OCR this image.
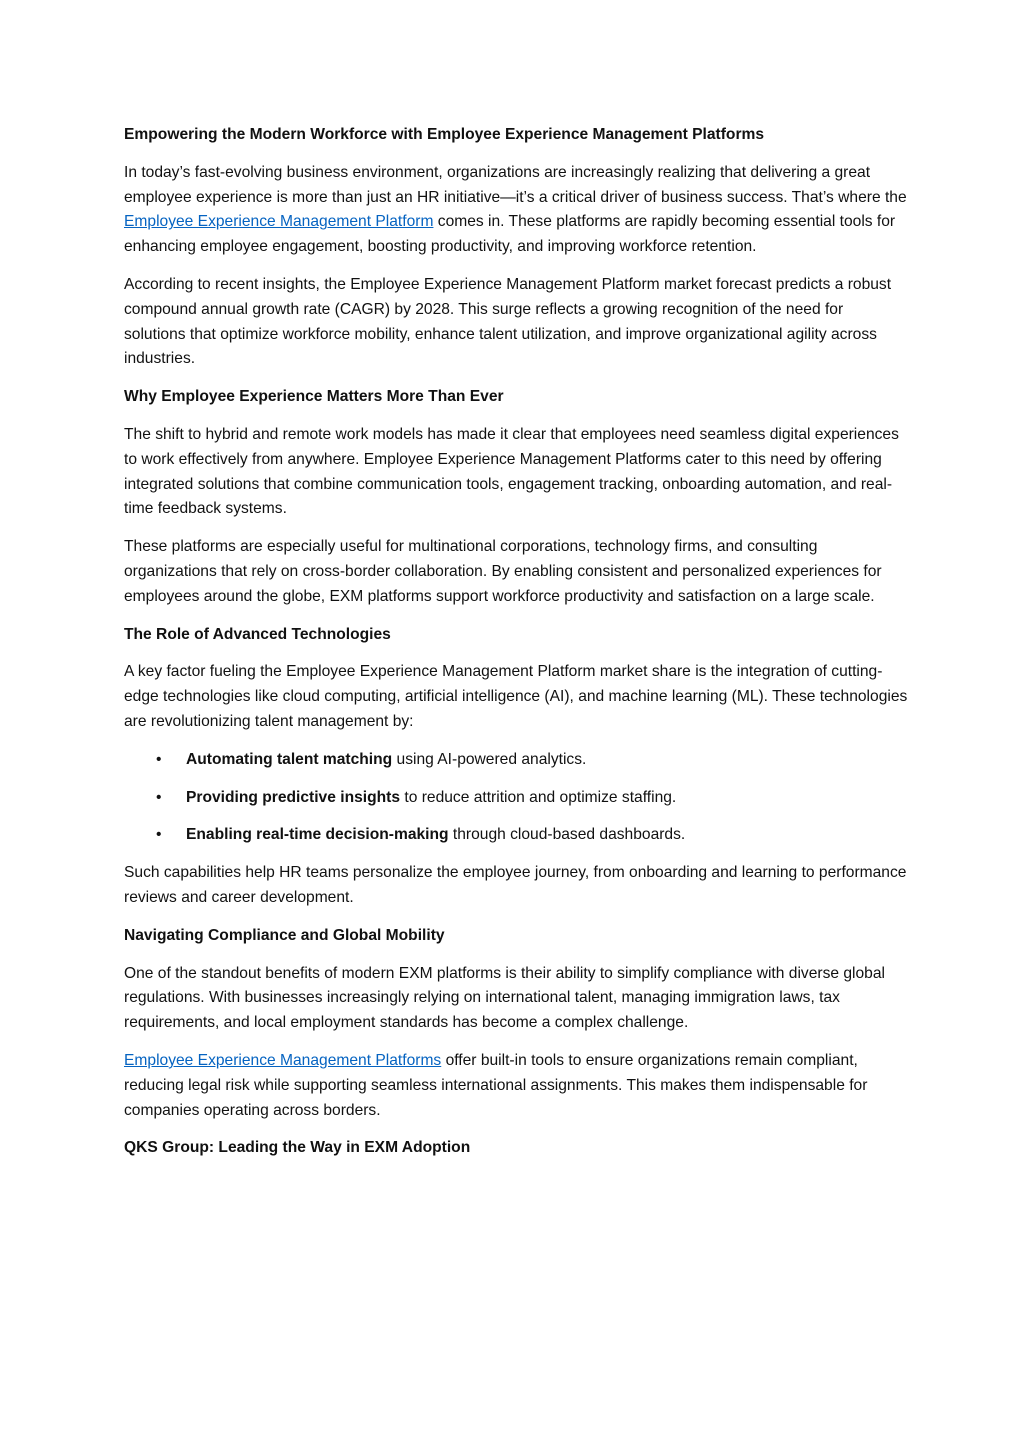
Empowering the Modern Workforce with Employee Experience Management Platforms

In today’s fast-evolving business environment, organizations are increasingly realizing that delivering a great employee experience is more than just an HR initiative—it’s a critical driver of business success. That’s where the Employee Experience Management Platform comes in. These platforms are rapidly becoming essential tools for enhancing employee engagement, boosting productivity, and improving workforce retention.

According to recent insights, the Employee Experience Management Platform market forecast predicts a robust compound annual growth rate (CAGR) by 2028. This surge reflects a growing recognition of the need for solutions that optimize workforce mobility, enhance talent utilization, and improve organizational agility across industries.

Why Employee Experience Matters More Than Ever

The shift to hybrid and remote work models has made it clear that employees need seamless digital experiences to work effectively from anywhere. Employee Experience Management Platforms cater to this need by offering integrated solutions that combine communication tools, engagement tracking, onboarding automation, and real-time feedback systems.

These platforms are especially useful for multinational corporations, technology firms, and consulting organizations that rely on cross-border collaboration. By enabling consistent and personalized experiences for employees around the globe, EXM platforms support workforce productivity and satisfaction on a large scale.

The Role of Advanced Technologies

A key factor fueling the Employee Experience Management Platform market share is the integration of cutting-edge technologies like cloud computing, artificial intelligence (AI), and machine learning (ML). These technologies are revolutionizing talent management by:

• Automating talent matching using AI-powered analytics.
• Providing predictive insights to reduce attrition and optimize staffing.
• Enabling real-time decision-making through cloud-based dashboards.

Such capabilities help HR teams personalize the employee journey, from onboarding and learning to performance reviews and career development.

Navigating Compliance and Global Mobility

One of the standout benefits of modern EXM platforms is their ability to simplify compliance with diverse global regulations. With businesses increasingly relying on international talent, managing immigration laws, tax requirements, and local employment standards has become a complex challenge.

Employee Experience Management Platforms offer built-in tools to ensure organizations remain compliant, reducing legal risk while supporting seamless international assignments. This makes them indispensable for companies operating across borders.

QKS Group: Leading the Way in EXM Adoption
